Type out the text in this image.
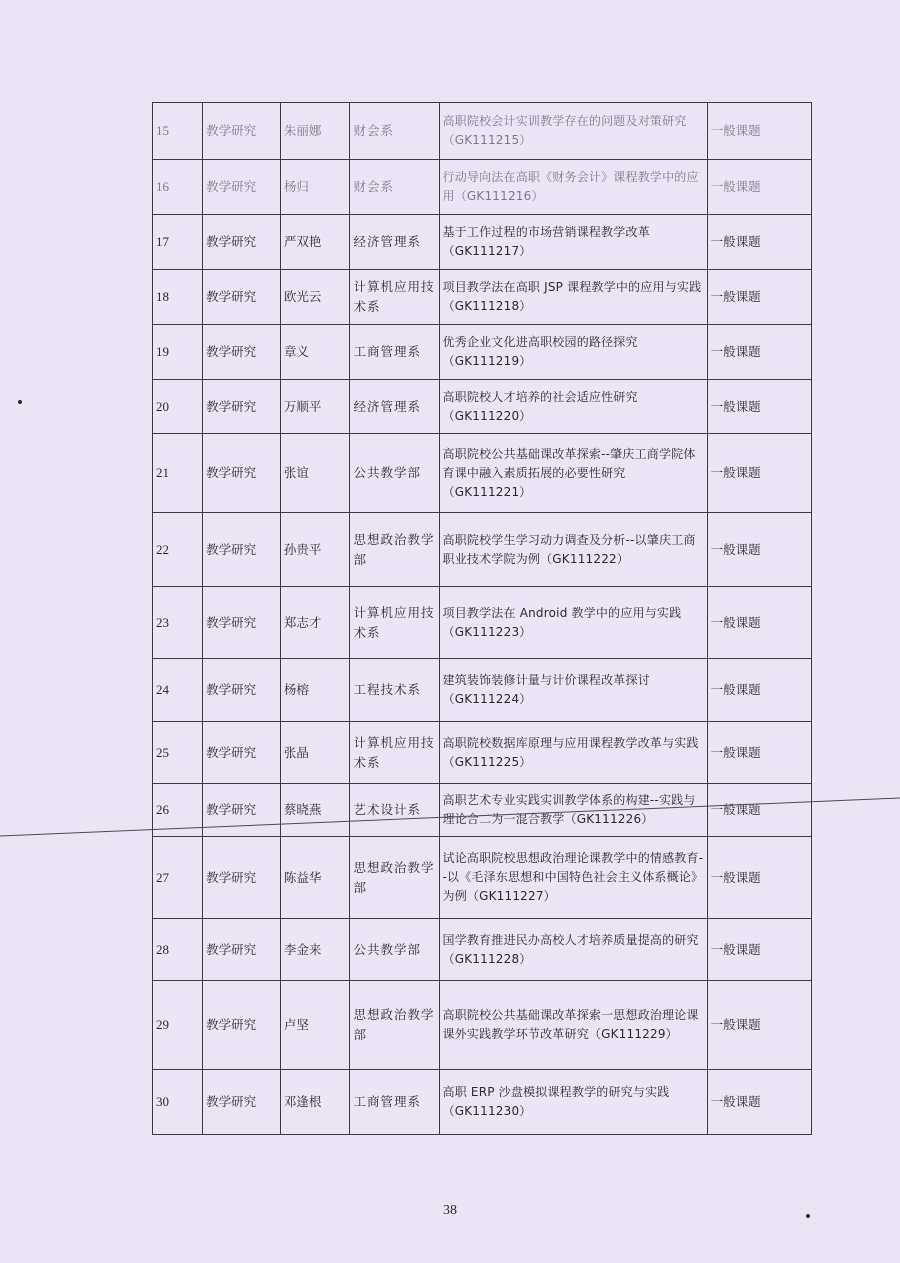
15	教学研究	朱丽娜	财会系	高职院校会计实训教学存在的问题及对策研究（GK111215）	一般课题
16	教学研究	杨归	财会系	行动导向法在高职《财务会计》课程教学中的应用（GK111216）	一般课题
17	教学研究	严双艳	经济管理系	基于工作过程的市场营销课程教学改革（GK111217）	一般课题
18	教学研究	欧光云	计算机应用技术系	项目教学法在高职 JSP 课程教学中的应用与实践（GK111218）	一般课题
19	教学研究	章义	工商管理系	优秀企业文化进高职校园的路径探究（GK111219）	一般课题
20	教学研究	万顺平	经济管理系	高职院校人才培养的社会适应性研究（GK111220）	一般课题
21	教学研究	张谊	公共教学部	高职院校公共基础课改革探索--肇庆工商学院体育课中融入素质拓展的必要性研究（GK111221）	一般课题
22	教学研究	孙贵平	思想政治教学部	高职院校学生学习动力调查及分析--以肇庆工商职业技术学院为例（GK111222）	一般课题
23	教学研究	郑志才	计算机应用技术系	项目教学法在 Android 教学中的应用与实践（GK111223）	一般课题
24	教学研究	杨榕	工程技术系	建筑装饰装修计量与计价课程改革探讨（GK111224）	一般课题
25	教学研究	张晶	计算机应用技术系	高职院校数据库原理与应用课程教学改革与实践（GK111225）	一般课题
26	教学研究	蔡晓燕	艺术设计系	高职艺术专业实践实训教学体系的构建--实践与理论合二为一混合教学（GK111226）	一般课题
27	教学研究	陈益华	思想政治教学部	试论高职院校思想政治理论课教学中的情感教育--以《毛泽东思想和中国特色社会主义体系概论》为例（GK111227）	一般课题
28	教学研究	李金来	公共教学部	国学教育推进民办高校人才培养质量提高的研究（GK111228）	一般课题
29	教学研究	卢坚	思想政治教学部	高职院校公共基础课改革探索一思想政治理论课课外实践教学环节改革研究（GK111229）	一般课题
30	教学研究	邓逢根	工商管理系	高职 ERP 沙盘模拟课程教学的研究与实践（GK111230）	一般课题
38
